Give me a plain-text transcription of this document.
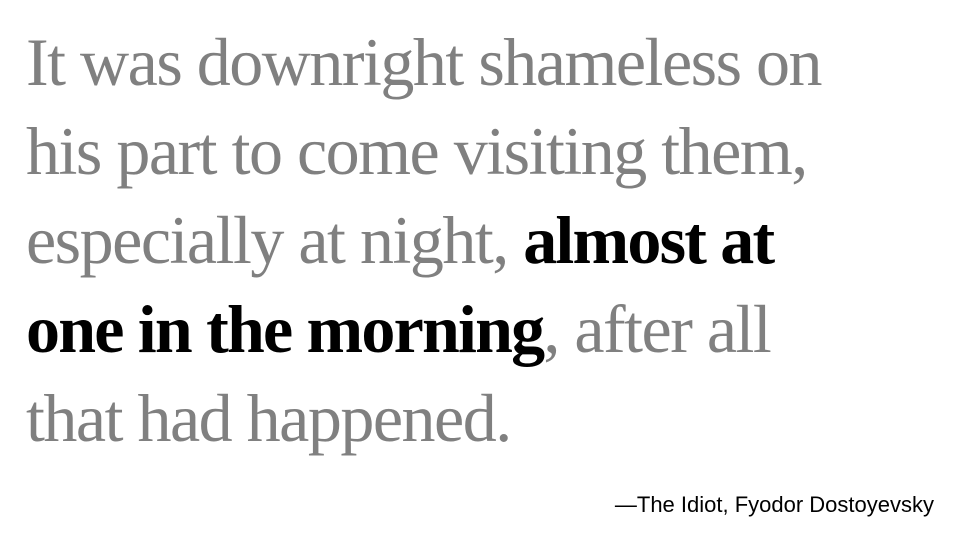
It was downright shameless on
his part to come visiting them,
especially at night, almost at
one in the morning, after all
that had happened.

—The Idiot, Fyodor Dostoyevsky
